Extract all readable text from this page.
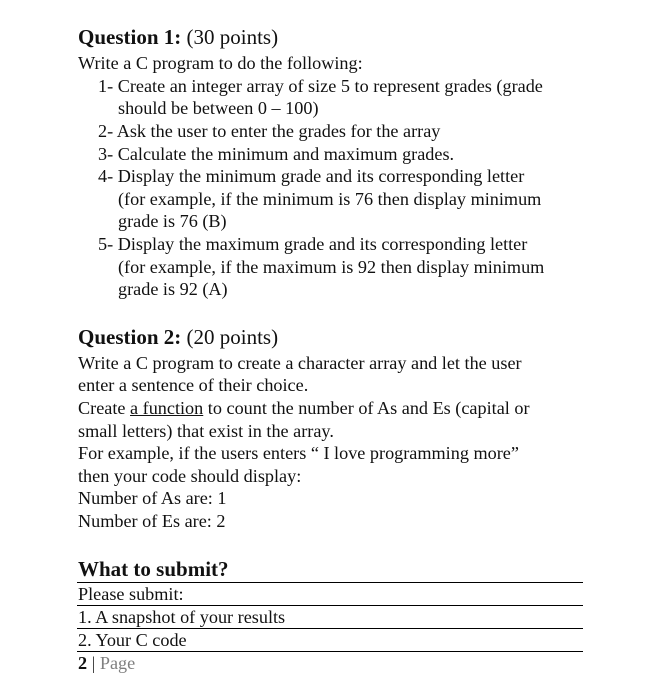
Question 1: (30 points)
Write a C program to do the following:
1- Create an integer array of size 5 to represent grades (grade
should be between 0 – 100)
2- Ask the user to enter the grades for the array
3- Calculate the minimum and maximum grades.
4- Display the minimum grade and its corresponding letter
(for example, if the minimum is 76 then display minimum
grade is 76 (B)
5- Display the maximum grade and its corresponding letter
(for example, if the maximum is 92 then display minimum
grade is 92 (A)
Question 2: (20 points)
Write a C program to create a character array and let the user
enter a sentence of their choice.
Create a function to count the number of As and Es (capital or
small letters) that exist in the array.
For example, if the users enters “ I love programming more”
then your code should display:
Number of As are: 1
Number of Es are: 2
What to submit?
Please submit:
1. A snapshot of your results
2. Your C code
2 | Page
